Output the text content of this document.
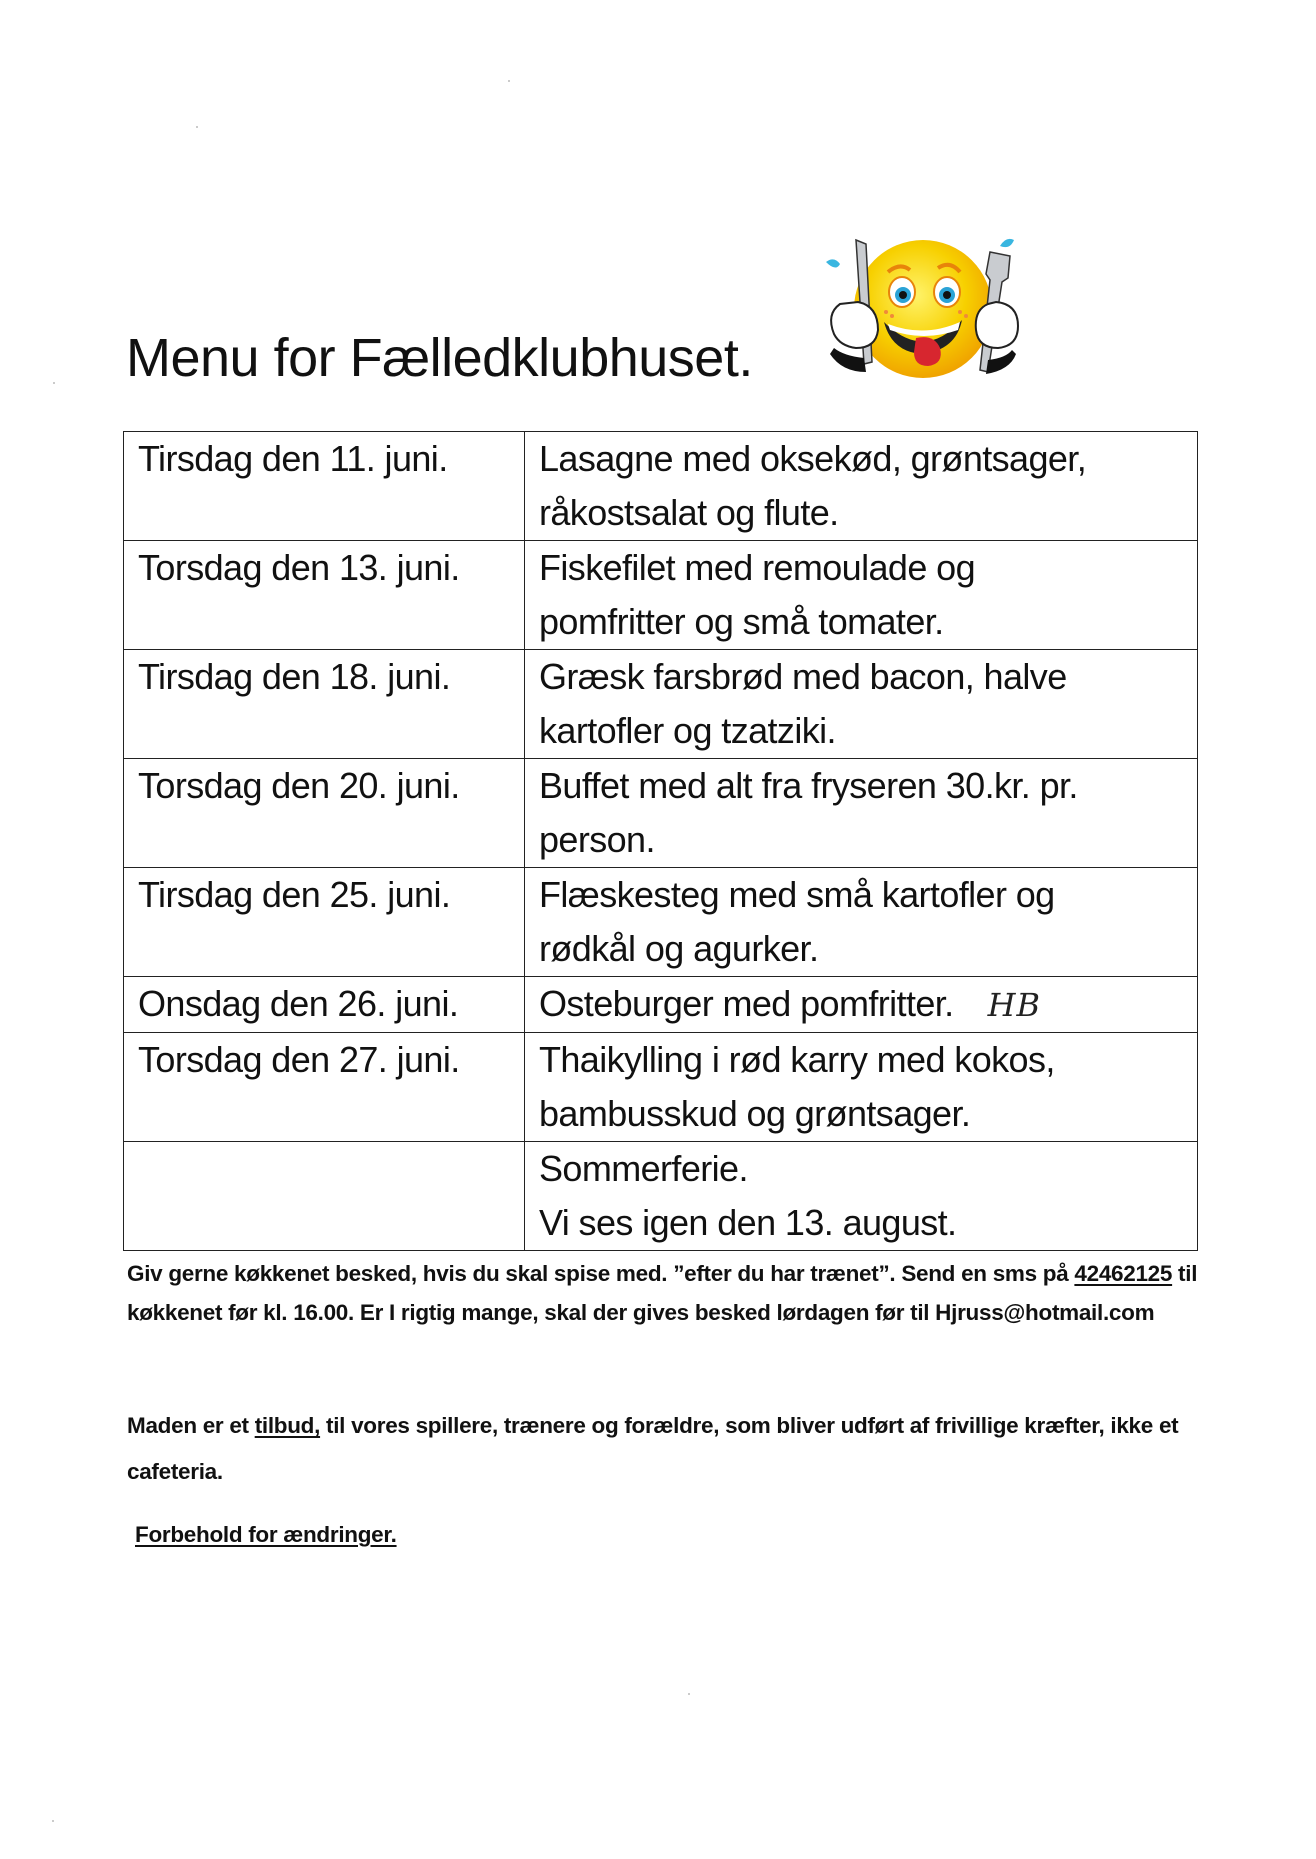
Menu for Fælledklubhuset.
Tirsdag den 11. juni.	Lasagne med oksekød, grøntsager,
råkostsalat og flute.

Torsdag den 13. juni.	Fiskefilet med remoulade og
pomfritter og små tomater.

Tirsdag den 18. juni.	Græsk farsbrød med bacon, halve
kartofler og tzatziki.

Torsdag den 20. juni.	Buffet med alt fra fryseren 30.kr. pr.
person.

Tirsdag den 25. juni.	Flæskesteg med små kartofler og
rødkål og agurker.

Onsdag den 26. juni.	Osteburger med pomfritter. HB

Torsdag den 27. juni.	Thaikylling i rød karry med kokos,
bambusskud og grøntsager.

	Sommerferie.
Vi ses igen den 13. august.
Giv gerne køkkenet besked, hvis du skal spise med. ”efter du har trænet”. Send en sms på 42462125 til køkkenet før kl. 16.00. Er I rigtig mange, skal der gives besked lørdagen før til Hjruss@hotmail.com
Maden er et tilbud, til vores spillere, trænere og forældre, som bliver udført af frivillige kræfter, ikke et cafeteria.
Forbehold for ændringer.
